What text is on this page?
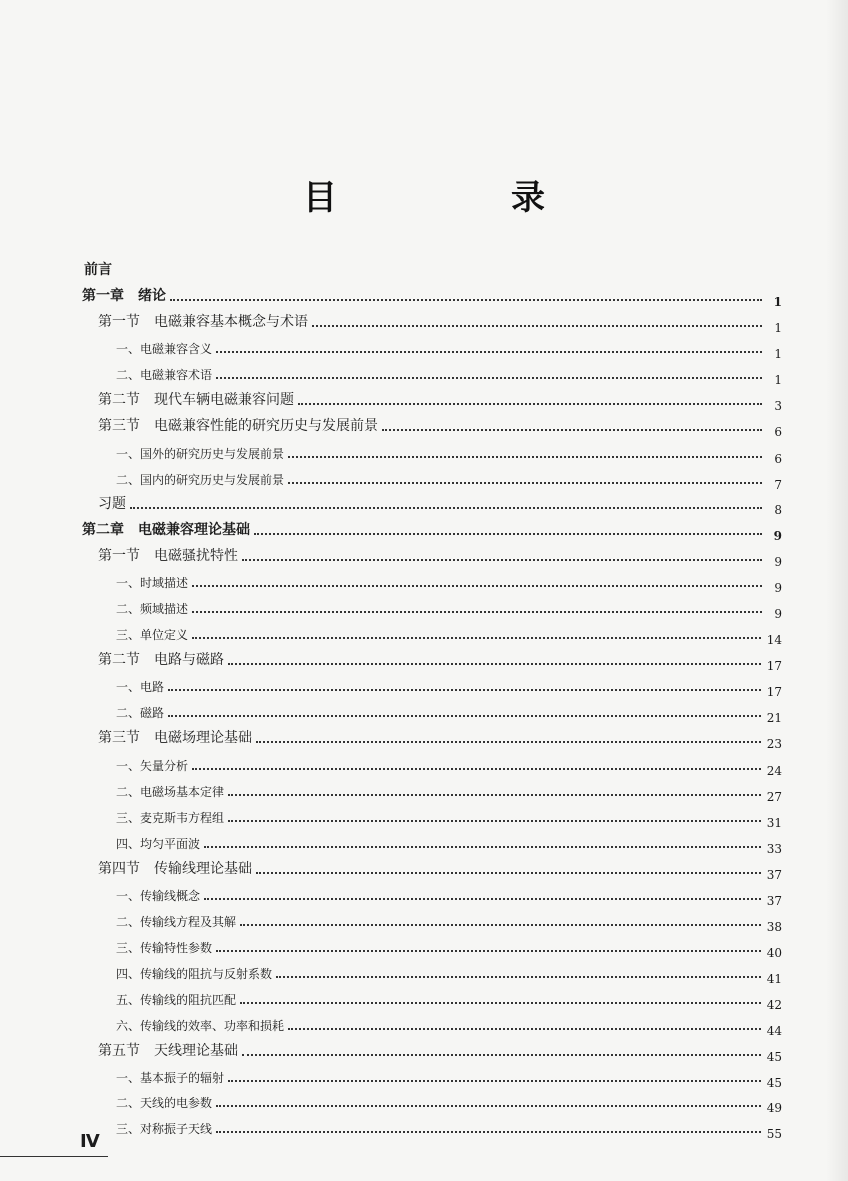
目　录
前言
第一章　绪论	1
第一节　电磁兼容基本概念与术语	1
一、电磁兼容含义	1
二、电磁兼容术语	1
第二节　现代车辆电磁兼容问题	3
第三节　电磁兼容性能的研究历史与发展前景	6
一、国外的研究历史与发展前景	6
二、国内的研究历史与发展前景	7
习题	8
第二章　电磁兼容理论基础	9
第一节　电磁骚扰特性	9
一、时域描述	9
二、频域描述	9
三、单位定义	14
第二节　电路与磁路	17
一、电路	17
二、磁路	21
第三节　电磁场理论基础	23
一、矢量分析	24
二、电磁场基本定律	27
三、麦克斯韦方程组	31
四、均匀平面波	33
第四节　传输线理论基础	37
一、传输线概念	37
二、传输线方程及其解	38
三、传输特性参数	40
四、传输线的阻抗与反射系数	41
五、传输线的阻抗匹配	42
六、传输线的效率、功率和损耗	44
第五节　天线理论基础	45
一、基本振子的辐射	45
二、天线的电参数	49
三、对称振子天线	55
Ⅳ
